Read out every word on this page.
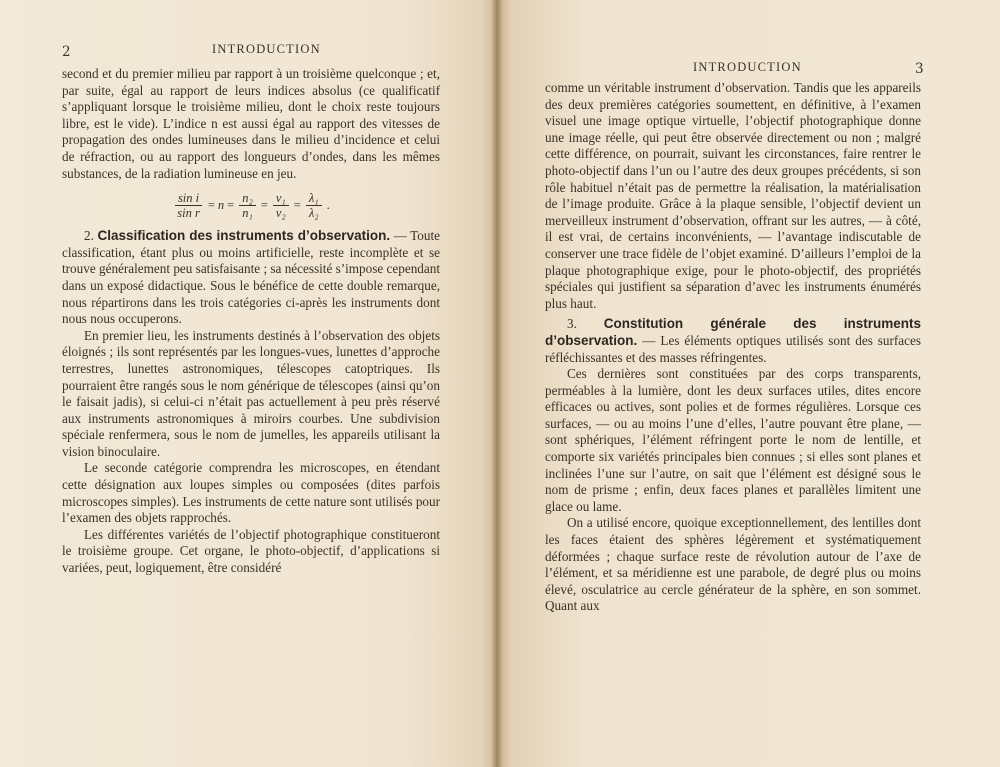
2	INTRODUCTION

second et du premier milieu par rapport à un troisième quelconque ; et, par suite, égal au rapport de leurs indices absolus (ce qualificatif s’appliquant lorsque le troisième milieu, dont le choix reste toujours libre, est le vide). L’indice n est aussi égal au rapport des vitesses de propagation des ondes lumineuses dans le milieu d’incidence et celui de réfraction, ou au rapport des longueurs d’ondes, dans les mêmes substances, de la radiation lumineuse en jeu.

$\frac{\text{sin i}}{\text{sin r}} = n = \frac{\text{n₂}}{\text{n₁}} = \frac{\text{v₁}}{\text{v₂}} = \frac{\text{λ₁}}{\text{λ₂}}$ .

2. Classification des instruments d’observation. — Toute classification, étant plus ou moins artificielle, reste incomplète et se trouve généralement peu satisfaisante ; sa nécessité s’impose cependant dans un exposé didactique. Sous le bénéfice de cette double remarque, nous répartirons dans les trois catégories ci-après les instruments dont nous nous occuperons.

En premier lieu, les instruments destinés à l’observation des objets éloignés ; ils sont représentés par les longues-vues, lunettes d’approche terrestres, lunettes astronomiques, télescopes catoptriques. Ils pourraient être rangés sous le nom générique de télescopes (ainsi qu’on le faisait jadis), si celui-ci n’était pas actuellement à peu près réservé aux instruments astronomiques à miroirs courbes. Une subdivision spéciale renfermera, sous le nom de jumelles, les appareils utilisant la vision binoculaire.

Le seconde catégorie comprendra les microscopes, en étendant cette désignation aux loupes simples ou composées (dites parfois microscopes simples). Les instruments de cette nature sont utilisés pour l’examen des objets rapprochés.

Les différentes variétés de l’objectif photographique constitueront le troisième groupe. Cet organe, le photo-objectif, d’applications si variées, peut, logiquement, être considéré

INTRODUCTION	3

comme un véritable instrument d’observation. Tandis que les appareils des deux premières catégories soumettent, en définitive, à l’examen visuel une image optique virtuelle, l’objectif photographique donne une image réelle, qui peut être observée directement ou non ; malgré cette différence, on pourrait, suivant les circonstances, faire rentrer le photo-objectif dans l’un ou l’autre des deux groupes précédents, si son rôle habituel n’était pas de permettre la réalisation, la matérialisation de l’image produite. Grâce à la plaque sensible, l’objectif devient un merveilleux instrument d’observation, offrant sur les autres, — à côté, il est vrai, de certains inconvénients, — l’avantage indiscutable de conserver une trace fidèle de l’objet examiné. D’ailleurs l’emploi de la plaque photographique exige, pour le photo-objectif, des propriétés spéciales qui justifient sa séparation d’avec les instruments énumérés plus haut.

3. Constitution générale des instruments d’observation. — Les éléments optiques utilisés sont des surfaces réfléchissantes et des masses réfringentes.

Ces dernières sont constituées par des corps transparents, perméables à la lumière, dont les deux surfaces utiles, dites encore efficaces ou actives, sont polies et de formes régulières. Lorsque ces surfaces, — ou au moins l’une d’elles, l’autre pouvant être plane, — sont sphériques, l’élément réfringent porte le nom de lentille, et comporte six variétés principales bien connues ; si elles sont planes et inclinées l’une sur l’autre, on sait que l’élément est désigné sous le nom de prisme ; enfin, deux faces planes et parallèles limitent une glace ou lame.

On a utilisé encore, quoique exceptionnellement, des lentilles dont les faces étaient des sphères légèrement et systématiquement déformées ; chaque surface reste de révolution autour de l’axe de l’élément, et sa méridienne est une parabole, de degré plus ou moins élevé, osculatrice au cercle générateur de la sphère, en son sommet. Quant aux
